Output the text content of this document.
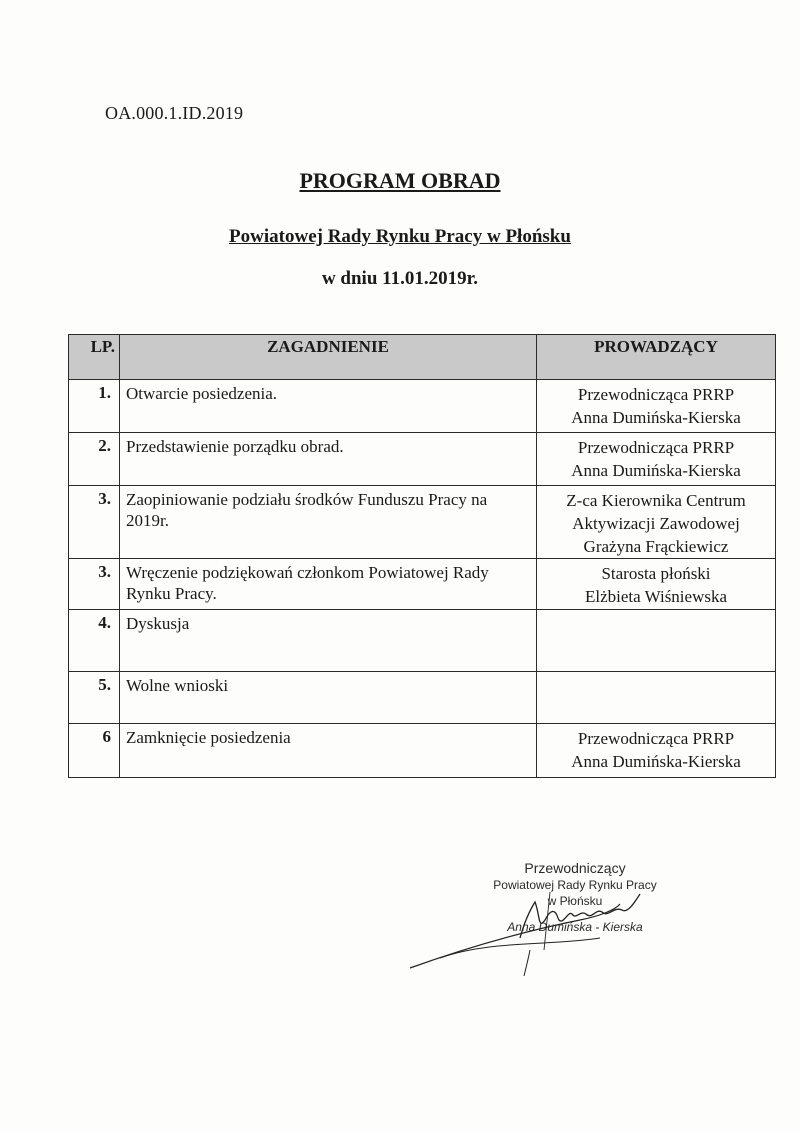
OA.000.1.ID.2019
PROGRAM OBRAD
Powiatowej Rady Rynku Pracy w Płońsku
w dniu 11.01.2019r.
LP.	ZAGADNIENIE	PROWADZĄCY
1.	Otwarcie posiedzenia.	Przewodnicząca PRRP
Anna Dumińska-Kierska

2.	Przedstawienie porządku obrad.	Przewodnicząca PRRP
Anna Dumińska-Kierska

3.	Zaopiniowanie podziału środków Funduszu Pracy na 2019r.	Z-ca Kierownika Centrum
Aktywizacji Zawodowej
Grażyna Frąckiewicz

3.	Wręczenie podziękowań członkom Powiatowej Rady Rynku Pracy.	Starosta płoński
Elżbieta Wiśniewska

4.	Dyskusja	
5.	Wolne wnioski	
6	Zamknięcie posiedzenia	Przewodnicząca PRRP
Anna Dumińska-Kierska
Przewodniczący
Powiatowej Rady Rynku Pracy
w Płońsku
Anna Dumińska - Kierska
